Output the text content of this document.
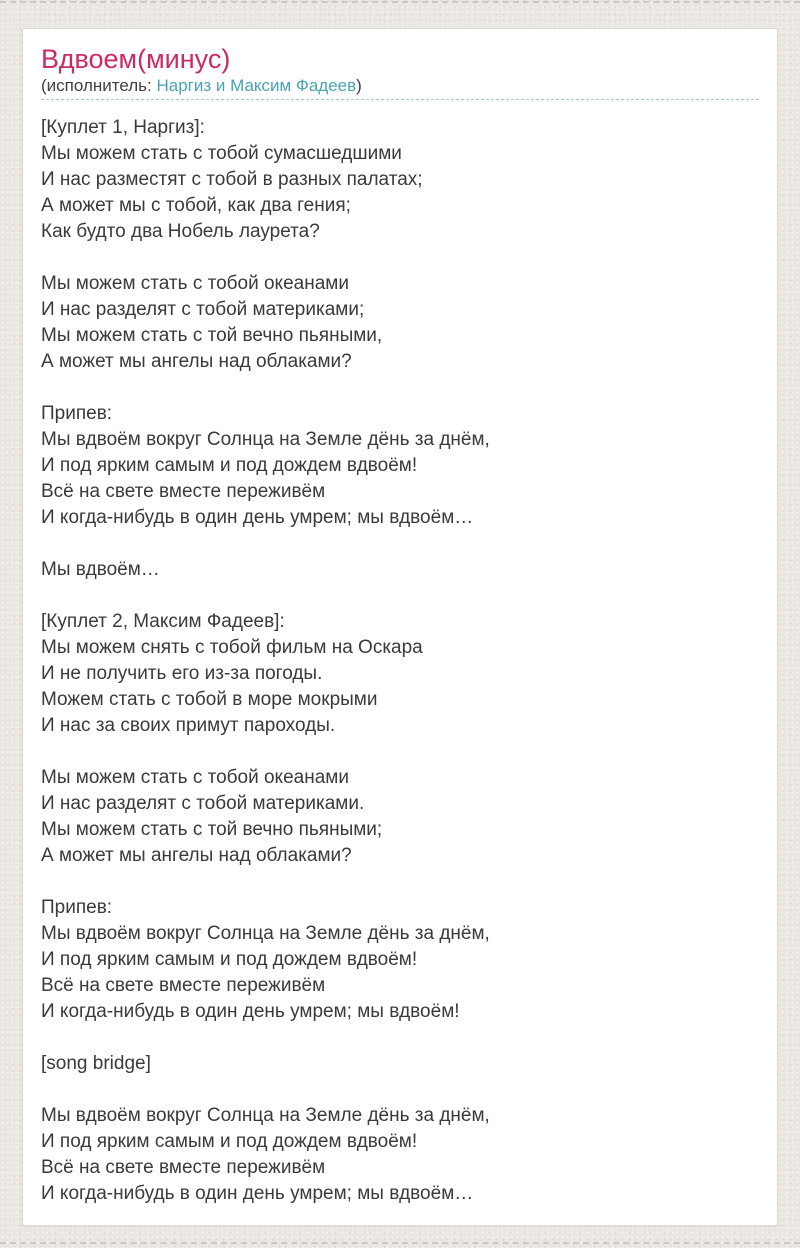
Вдвоем(минус)
(исполнитель: Наргиз и Максим Фадеев)
[Куплет 1, Наргиз]:
Мы можем стать с тобой сумасшедшими
И нас разместят с тобой в разных палатах;
А может мы с тобой, как два гения;
Как будто два Нобель лаурета?
Мы можем стать с тобой океанами
И нас разделят с тобой материками;
Мы можем стать с той вечно пьяными,
А может мы ангелы над облаками?
Припев:
Мы вдвоём вокруг Солнца на Земле дёнь за днём,
И под ярким самым и под дождем вдвоём!
Всё на свете вместе переживём
И когда-нибудь в один день умрем; мы вдвоём…
Мы вдвоём…
[Куплет 2, Максим Фадеев]:
Мы можем снять с тобой фильм на Оскара
И не получить его из-за погоды.
Можем стать с тобой в море мокрыми
И нас за своих примут пароходы.
Мы можем стать с тобой океанами
И нас разделят с тобой материками.
Мы можем стать с той вечно пьяными;
А может мы ангелы над облаками?
Припев:
Мы вдвоём вокруг Солнца на Земле дёнь за днём,
И под ярким самым и под дождем вдвоём!
Всё на свете вместе переживём
И когда-нибудь в один день умрем; мы вдвоём!
[song bridge]
Мы вдвоём вокруг Солнца на Земле дёнь за днём,
И под ярким самым и под дождем вдвоём!
Всё на свете вместе переживём
И когда-нибудь в один день умрем; мы вдвоём…
